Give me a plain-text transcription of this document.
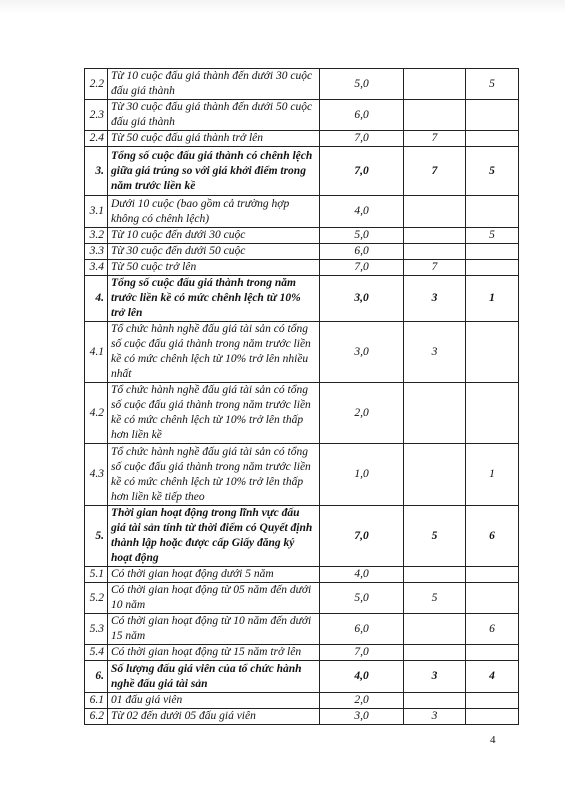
2.2	Từ 10 cuộc đấu giá thành đến dưới 30 cuộc đấu giá thành	5,0		5
2.3	Từ 30 cuộc đấu giá thành đến dưới 50 cuộc đấu giá thành	6,0		
2.4	Từ 50 cuộc đấu giá thành trở lên	7,0	7	
3.	Tổng số cuộc đấu giá thành có chênh lệch giữa giá trúng so với giá khởi điểm trong năm trước liền kề	7,0	7	5
3.1	Dưới 10 cuộc (bao gồm cả trường hợp không có chênh lệch)	4,0		
3.2	Từ 10 cuộc đến dưới 30 cuộc	5,0		5
3.3	Từ 30 cuộc đến dưới 50 cuộc	6,0		
3.4	Từ 50 cuộc trở lên	7,0	7	
4.	Tổng số cuộc đấu giá thành trong năm trước liền kề có mức chênh lệch từ 10% trở lên	3,0	3	1
4.1	Tổ chức hành nghề đấu giá tài sản có tổng số cuộc đấu giá thành trong năm trước liền kề có mức chênh lệch từ 10% trở lên nhiều nhất	3,0	3	
4.2	Tổ chức hành nghề đấu giá tài sản có tổng số cuộc đấu giá thành trong năm trước liền kề có mức chênh lệch từ 10% trở lên thấp hơn liền kề	2,0		
4.3	Tổ chức hành nghề đấu giá tài sản có tổng số cuộc đấu giá thành trong năm trước liền kề có mức chênh lệch từ 10% trở lên thấp hơn liền kề tiếp theo	1,0		1
5.	Thời gian hoạt động trong lĩnh vực đấu giá tài sản tính từ thời điểm có Quyết định thành lập hoặc được cấp Giấy đăng ký hoạt động	7,0	5	6
5.1	Có thời gian hoạt động dưới 5 năm	4,0		
5.2	Có thời gian hoạt động từ 05 năm đến dưới 10 năm	5,0	5	
5.3	Có thời gian hoạt động từ 10 năm đến dưới 15 năm	6,0		6
5.4	Có thời gian hoạt động từ 15 năm trở lên	7,0		
6.	Số lượng đấu giá viên của tổ chức hành nghề đấu giá tài sản	4,0	3	4
6.1	01 đấu giá viên	2,0		
6.2	Từ 02 đến dưới 05 đấu giá viên	3,0	3	
4
